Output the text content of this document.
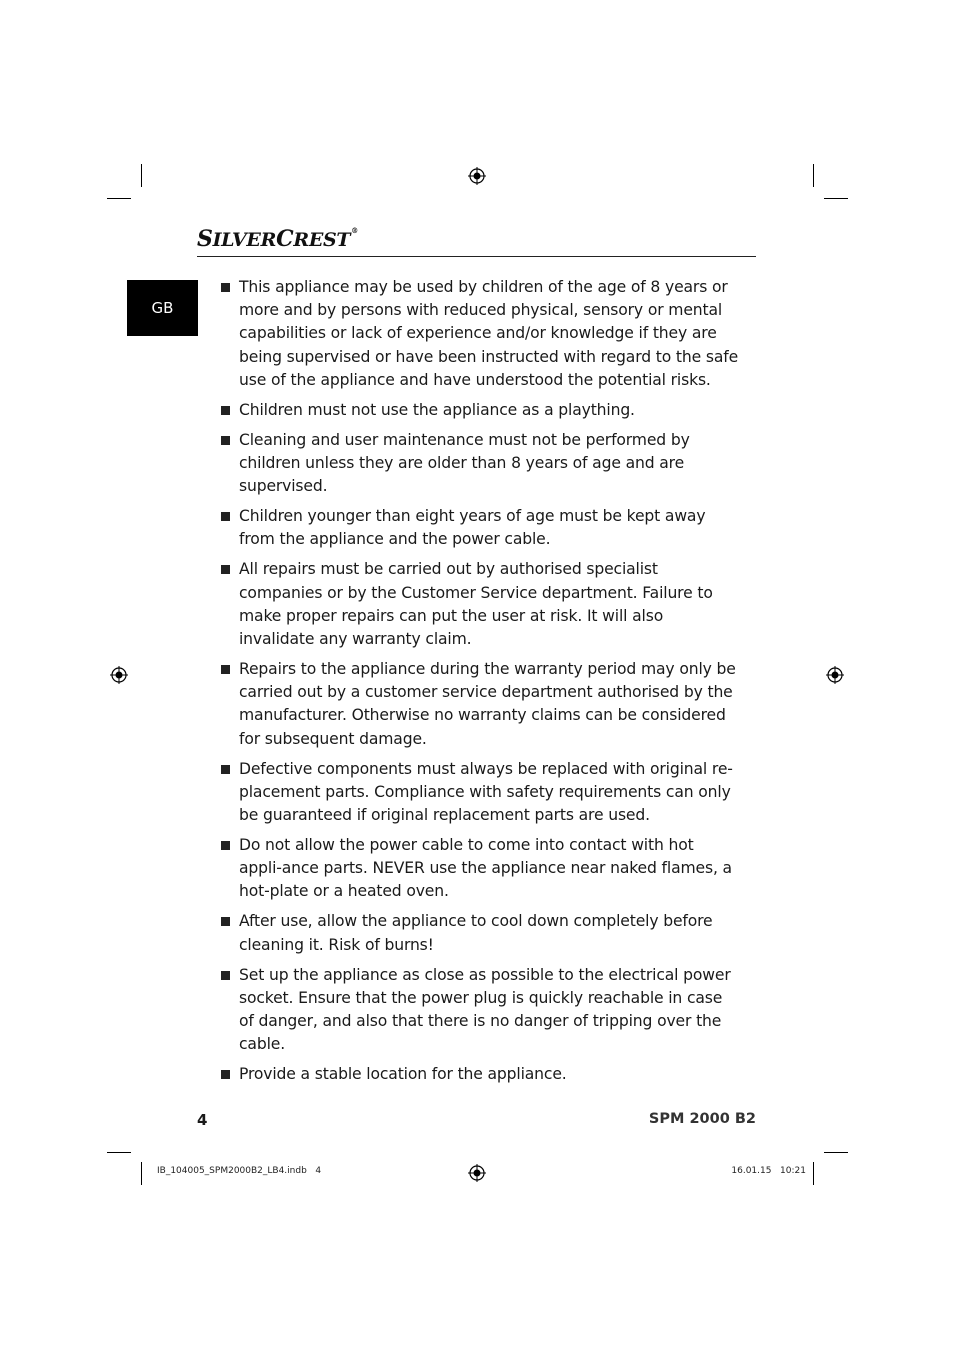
SILVERCREST®
GB
This appliance may be used by children of the age of 8 years or more and by persons with reduced physical, sensory or mental capabilities or lack of experience and/or knowledge if they are being supervised or have been instructed with regard to the safe use of the appliance and have understood the potential risks.
Children must not use the appliance as a plaything.
Cleaning and user maintenance must not be performed by children unless they are older than 8 years of age and are supervised.
Children younger than eight years of age must be kept away from the appliance and the power cable.
All repairs must be carried out by authorised specialist companies or by the Customer Service department. Failure to make proper repairs can put the user at risk. It will also invalidate any warranty claim.
Repairs to the appliance during the warranty period may only be carried out by a customer service department authorised by the manufacturer. Otherwise no warranty claims can be considered for subsequent damage.
Defective components must always be replaced with original re-placement parts. Compliance with safety requirements can only be guaranteed if original replacement parts are used.
Do not allow the power cable to come into contact with hot appli-ance parts. NEVER use the appliance near naked flames, a hot-plate or a heated oven.
After use, allow the appliance to cool down completely before cleaning it. Risk of burns!
Set up the appliance as close as possible to the electrical power socket. Ensure that the power plug is quickly reachable in case of danger, and also that there is no danger of tripping over the cable.
Provide a stable location for the appliance.
4	SPM 2000 B2
IB_104005_SPM2000B2_LB4.indb   4	16.01.15   10:21
